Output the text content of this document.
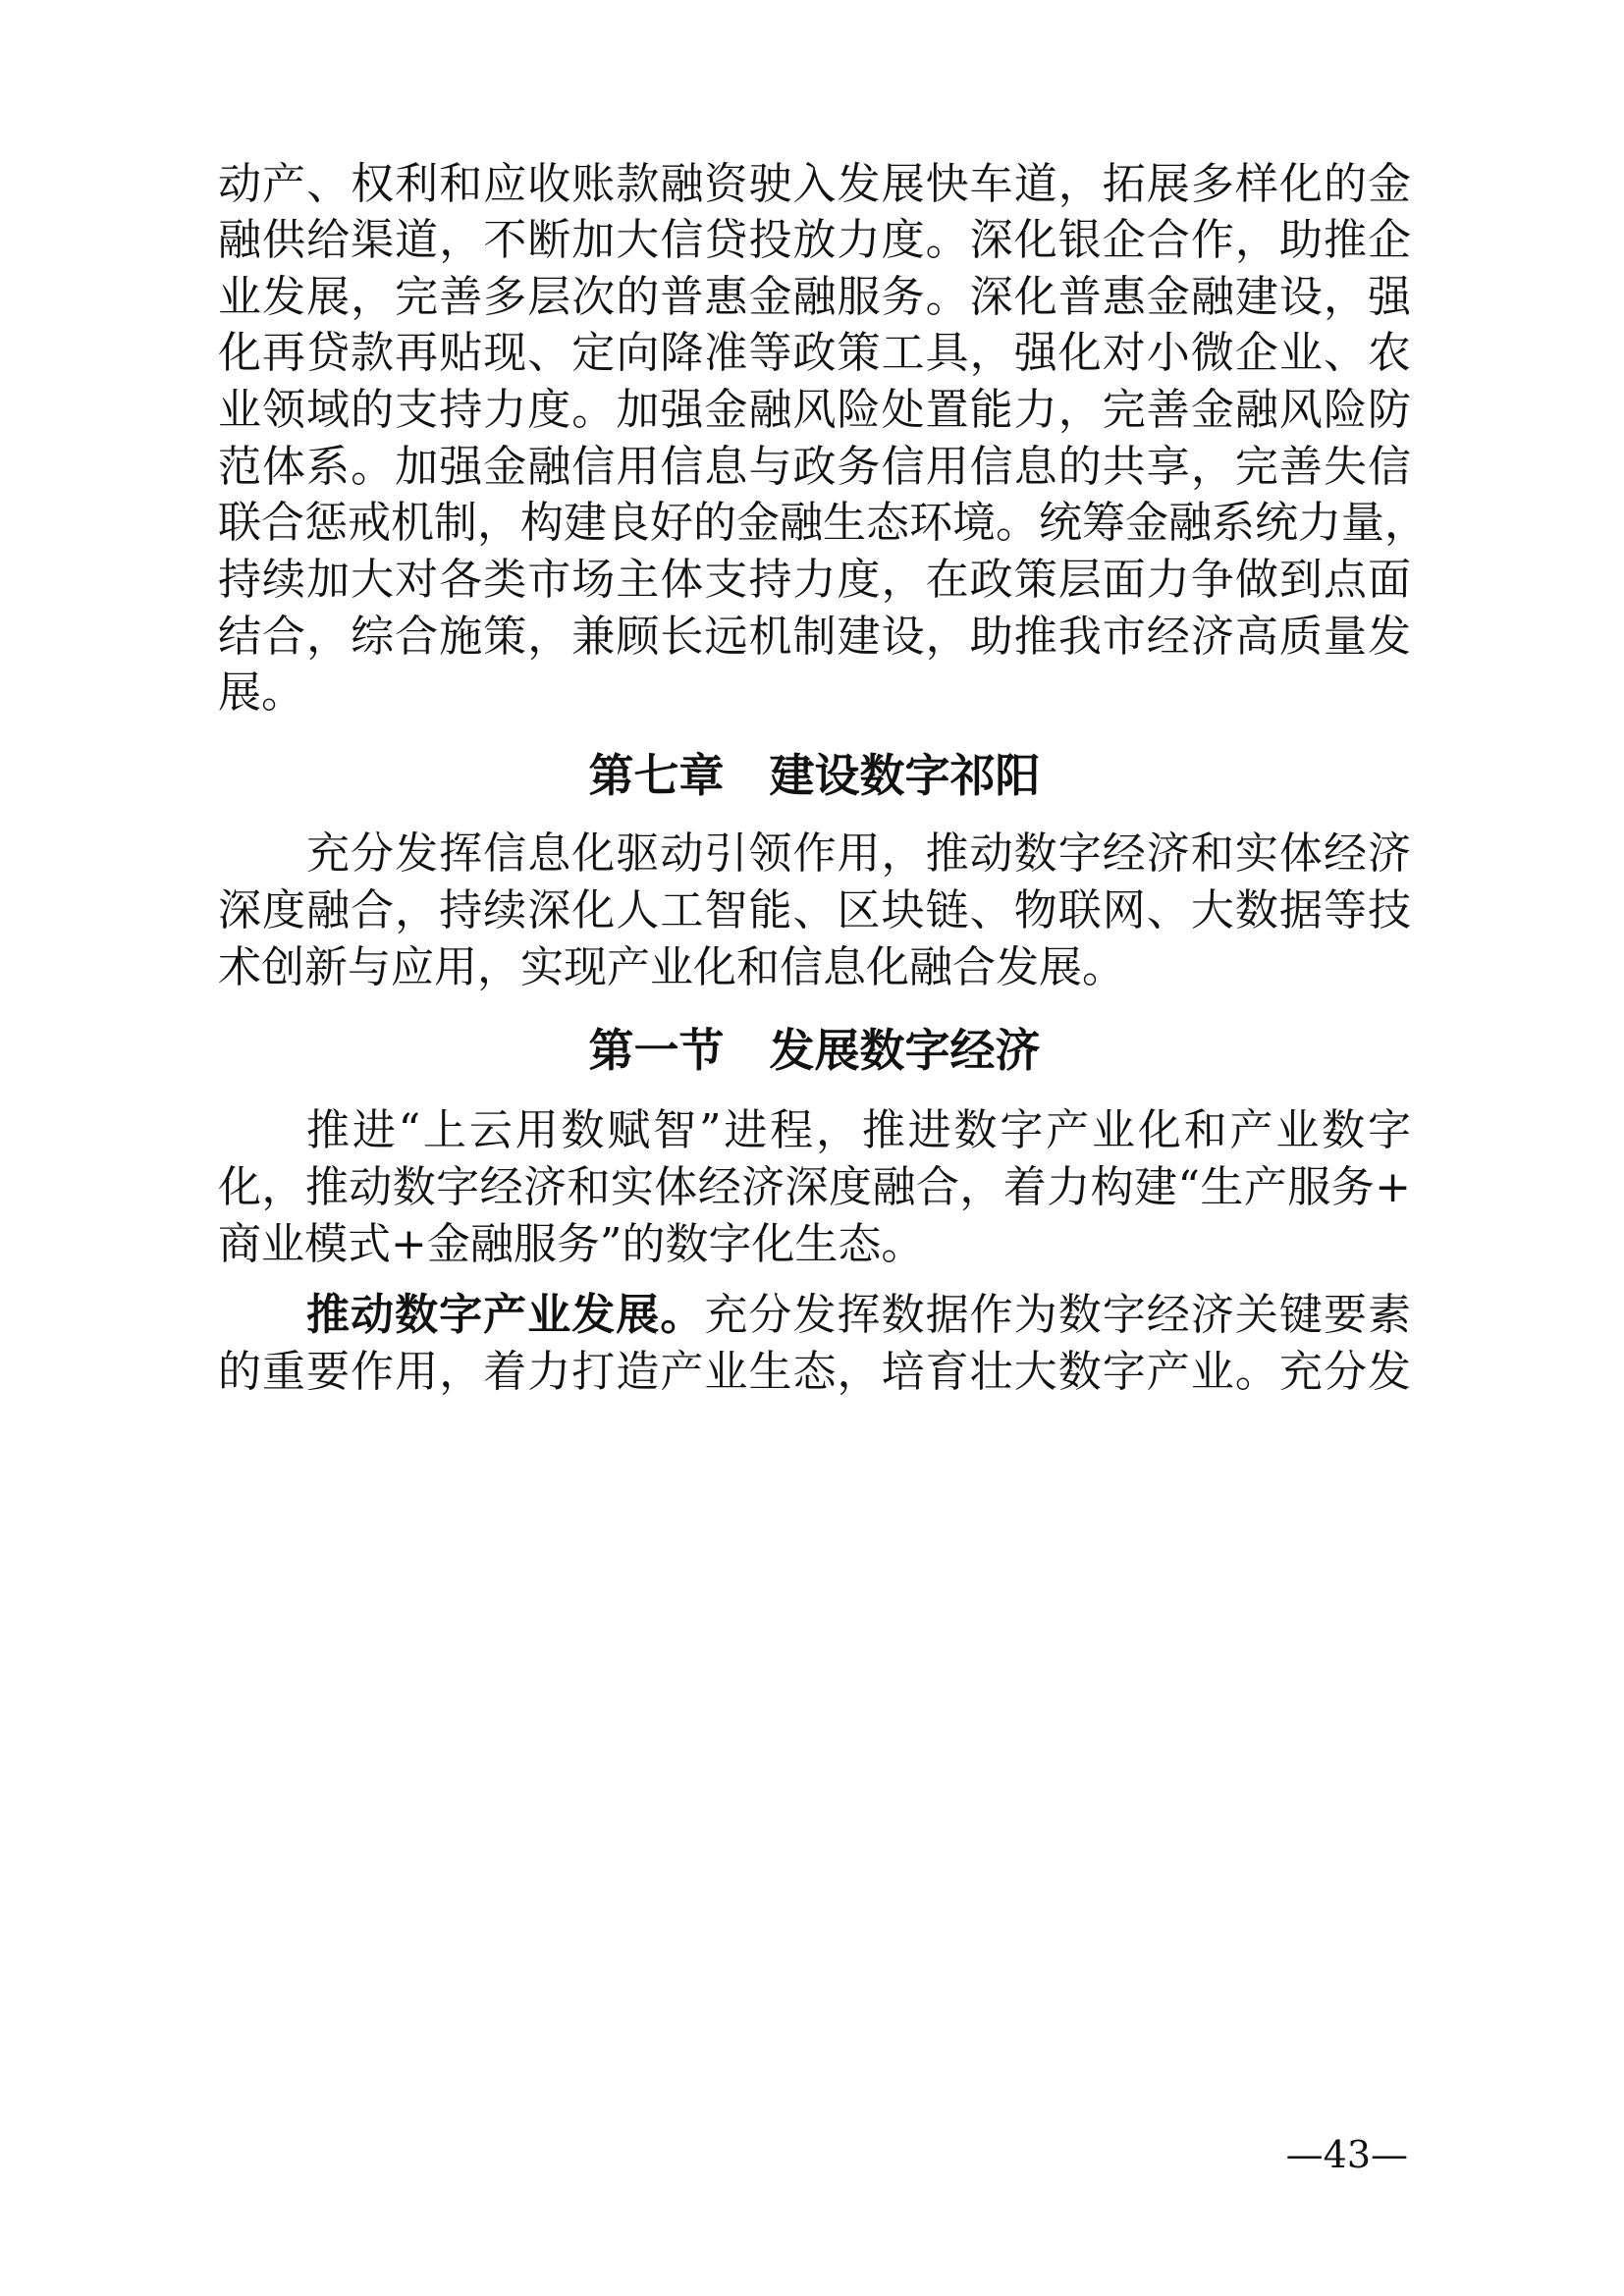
动产、权利和应收账款融资驶入发展快车道，拓展多样化的金
融供给渠道，不断加大信贷投放力度。深化银企合作，助推企
业发展，完善多层次的普惠金融服务。深化普惠金融建设，强
化再贷款再贴现、定向降准等政策工具，强化对小微企业、农
业领域的支持力度。加强金融风险处置能力，完善金融风险防
范体系。加强金融信用信息与政务信用信息的共享，完善失信
联合惩戒机制，构建良好的金融生态环境。统筹金融系统力量，
持续加大对各类市场主体支持力度，在政策层面力争做到点面
结合，综合施策，兼顾长远机制建设，助推我市经济高质量发
展。
第七章　建设数字祁阳
充分发挥信息化驱动引领作用，推动数字经济和实体经济
深度融合，持续深化人工智能、区块链、物联网、大数据等技
术创新与应用，实现产业化和信息化融合发展。
第一节　发展数字经济
推进“上云用数赋智”进程，推进数字产业化和产业数字
化，推动数字经济和实体经济深度融合，着力构建“生产服务+
商业模式+金融服务”的数字化生态。
推动数字产业发展。充分发挥数据作为数字经济关键要素
的重要作用，着力打造产业生态，培育壮大数字产业。充分发
—43—
